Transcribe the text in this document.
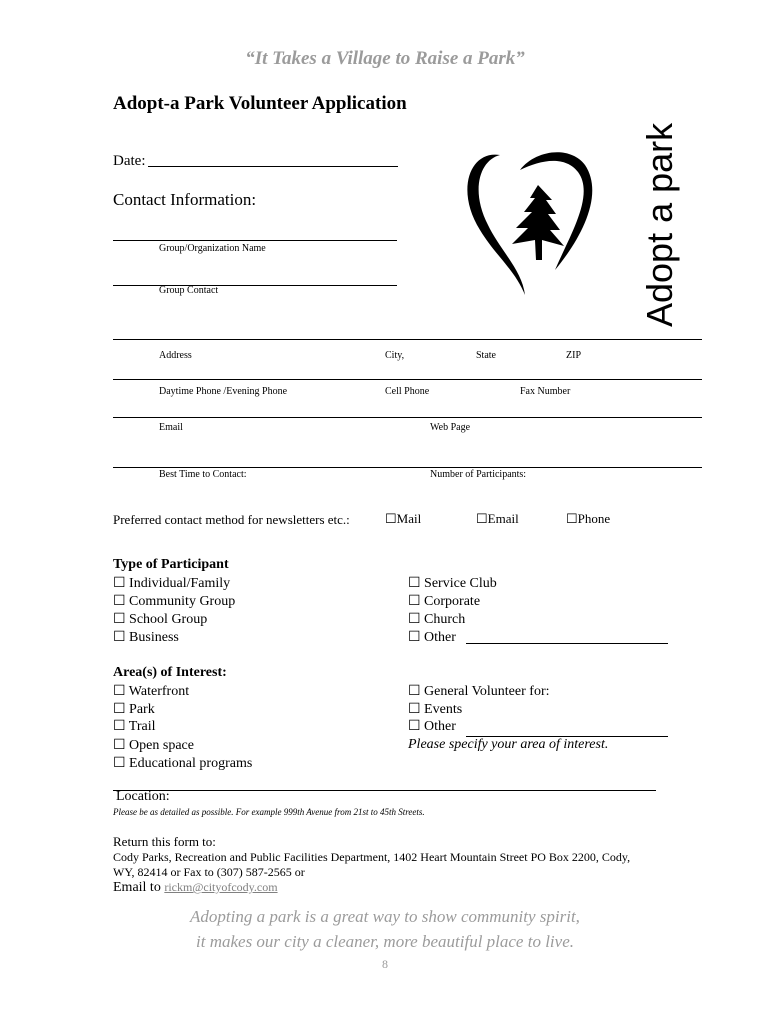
“It Takes a Village to Raise a Park”
Adopt-a Park Volunteer Application
Adopt a park
Date:
Contact Information:
Group/Organization Name
Group Contact
Address	City,	State	ZIP
Daytime Phone /Evening Phone	Cell Phone	Fax Number
Email	Web Page
Best Time to Contact:	Number of Participants:
Preferred contact method for newsletters etc.:	☐Mail	☐Email	☐Phone
Type of Participant
☐ Individual/Family
☐ Community Group
☐ School Group
☐ Business
☐ Service Club
☐ Corporate
☐ Church
☐ Other
Area(s) of Interest:
☐ Waterfront
☐ Park
☐ Trail
☐ Open space
☐ Educational programs
☐ General Volunteer for:
☐ Events
☐ Other
Please specify your area of interest.
Location:
Please be as detailed as possible. For example 999th Avenue from 21st to 45th Streets.
Return this form to:
Cody Parks, Recreation and Public Facilities Department, 1402 Heart Mountain Street PO Box 2200, Cody,
WY, 82414 or Fax to (307) 587-2565 or
Email to rickm@cityofcody.com
Adopting a park is a great way to show community spirit,
it makes our city a cleaner, more beautiful place to live.
8
